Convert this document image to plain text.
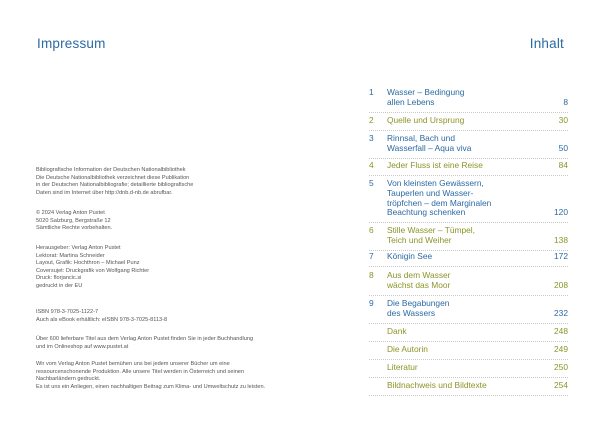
Impressum
Bibliografische Information der Deutschen Nationalbibliothek
Die Deutsche Nationalbibliothek verzeichnet diese Publikation
in der Deutschen Nationalbibliografie; detaillierte bibliografische
Daten sind im Internet über http://dnb.d-nb.de abrufbar.
© 2024 Verlag Anton Pustet
5020 Salzburg, Bergstraße 12
Sämtliche Rechte vorbehalten.
Herausgeber: Verlag Anton Pustet
Lektorat: Martina Schneider
Layout, Grafik: Hochthron – Michael Punz
Coversujet: Druckgrafik von Wolfgang Richter
Druck: florjancic.si
gedruckt in der EU
ISBN 978-3-7025-1122-7
Auch als eBook erhältlich: eISBN 978-3-7025-8113-8
Über 600 lieferbare Titel aus dem Verlag Anton Pustet finden Sie in jeder Buchhandlung
und im Onlineshop auf www.pustet.at
Wir vom Verlag Anton Pustet bemühen uns bei jedem unserer Bücher um eine
ressourcenschonende Produktion. Alle unsere Titel werden in Österreich und seinen
Nachbarländern gedruckt.
Es ist uns ein Anliegen, einen nachhaltigen Beitrag zum Klima- und Umweltschutz zu leisten.
Inhalt
1 Wasser – Bedingung
allen Lebens	8
2 Quelle und Ursprung	30
3 Rinnsal, Bach und
Wasserfall – Aqua viva	50
4 Jeder Fluss ist eine Reise	84
5 Von kleinsten Gewässern,
Tauperlen und Wasser-
tröpfchen – dem Marginalen
Beachtung schenken	120
6 Stille Wasser – Tümpel,
Teich und Weiher	138
7 Königin See	172
8 Aus dem Wasser
wächst das Moor	208
9 Die Begabungen
des Wassers	232
Dank	248
Die Autorin	249
Literatur	250
Bildnachweis und Bildtexte	254
